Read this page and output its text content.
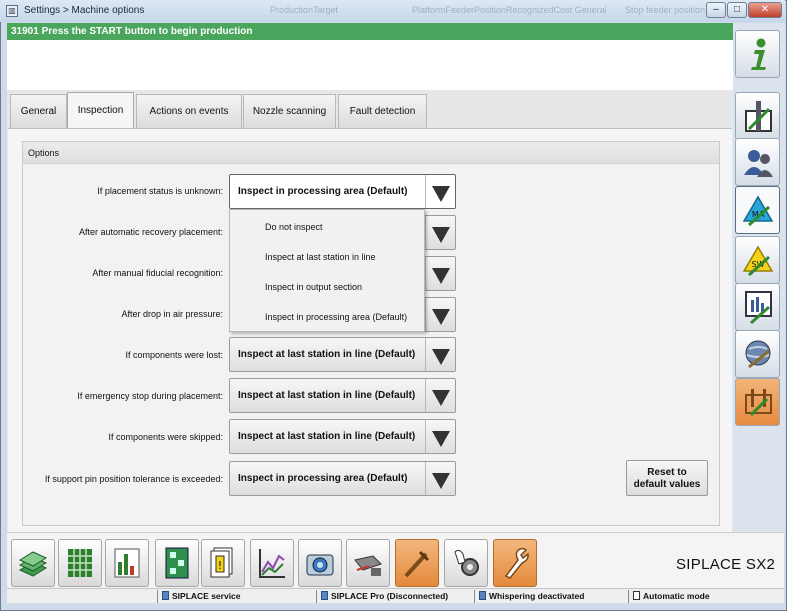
▥ Settings > Machine options	ProductionTarget	PlatformFeederPositionRecognizedCost General Stop feeder position –	□	✕
31901 Press the START button to begin production
General	Inspection	Actions on events	Nozzle scanning	Fault detection
Options
If placement status is unknown: Inspect in processing area (Default)
After automatic recovery placement:
After manual fiducial recognition:
After drop in air pressure:
If components were lost: Inspect at last station in line (Default)
If emergency stop during placement: Inspect at last station in line (Default)
If components were skipped: Inspect at last station in line (Default)
If support pin position tolerance is exceeded: Inspect in processing area (Default)
Do not inspect
Inspect at last station in line
Inspect in output section
Inspect in processing area (Default)
Reset to
default values
MA
SW
!	SIPLACE SX2
SIPLACE service	SIPLACE Pro (Disconnected)	Whispering deactivated	Automatic mode
